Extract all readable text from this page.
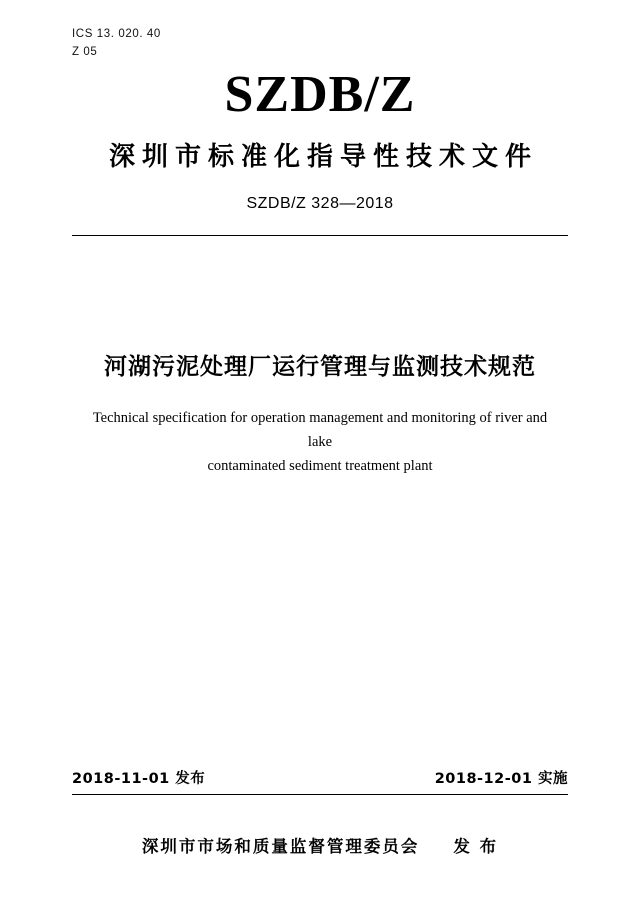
ICS 13. 020. 40
Z 05
SZDB/Z
深圳市标准化指导性技术文件
SZDB/Z 328—2018
河湖污泥处理厂运行管理与监测技术规范
Technical specification for operation management and monitoring of river and lake
contaminated sediment treatment plant
2018-11-01 发布	2018-12-01 实施
深圳市市场和质量监督管理委员会 发 布
